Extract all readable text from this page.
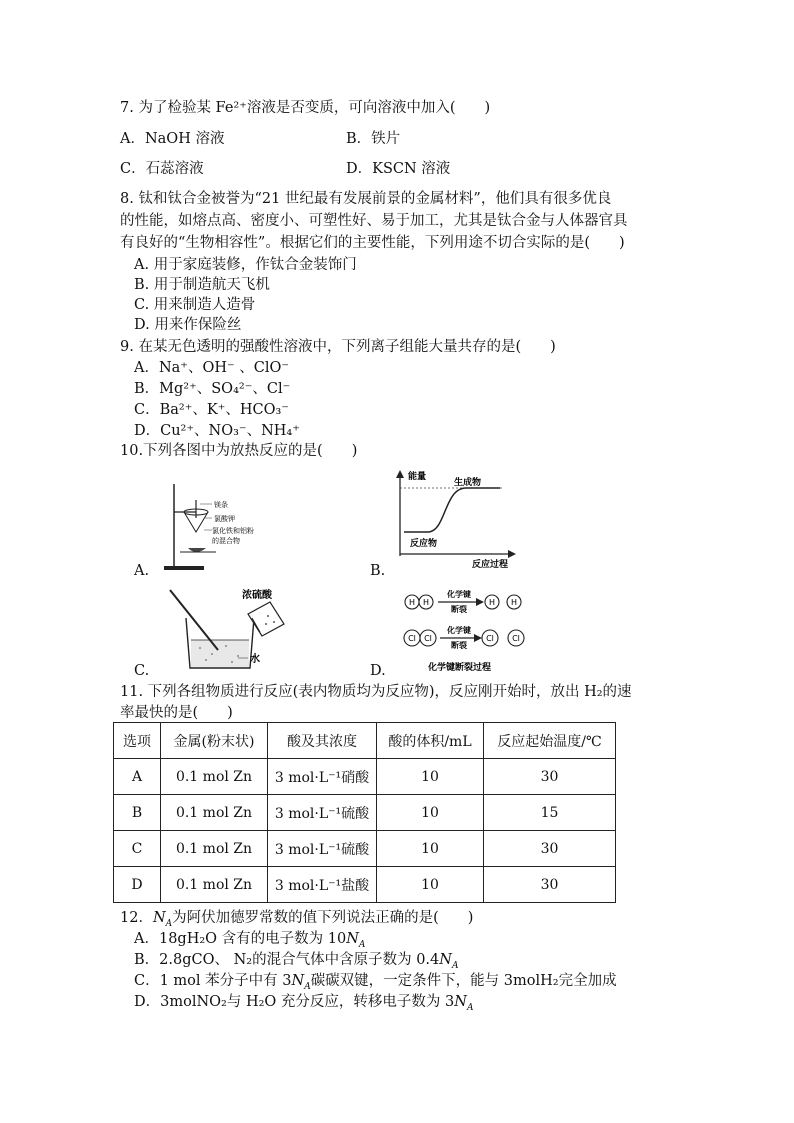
7. 为了检验某 Fe²⁺溶液是否变质，可向溶液中加入(　　)
A．NaOH 溶液	B．铁片
C．石蕊溶液	D．KSCN 溶液
8. 钛和钛合金被誉为“21 世纪最有发展前景的金属材料”，他们具有很多优良
的性能，如熔点高、密度小、可塑性好、易于加工，尤其是钛合金与人体器官具
有良好的“生物相容性”。根据它们的主要性能，下列用途不切合实际的是(　　)
A. 用于家庭装修，作钛合金装饰门
B. 用于制造航天飞机
C. 用来制造人造骨
D. 用来作保险丝
9. 在某无色透明的强酸性溶液中，下列离子组能大量共存的是(　　)
A．Na⁺、OH⁻ 、ClO⁻
B．Mg²⁺、SO₄²⁻、Cl⁻
C．Ba²⁺、K⁺、HCO₃⁻
D．Cu²⁺、NO₃⁻、NH₄⁺
10.下列各图中为放热反应的是(　　)
A.	B.
C.	D.
镁条
氯酸钾
氯化铁和铝粉
的混合物
能量
生成物
反应物
反应过程
浓硫酸
水
H H	H H
Cl Cl	Cl Cl
化学键
断裂
化学键
断裂
化学键断裂过程
11. 下列各组物质进行反应(表内物质均为反应物)，反应刚开始时，放出 H₂的速
率最快的是(　　)
选项	金属(粉末状)	酸及其浓度	酸的体积/mL	反应起始温度/℃
A	0.1 mol Zn	3 mol·L⁻¹硝酸	10	30
B	0.1 mol Zn	3 mol·L⁻¹硫酸	10	15
C	0.1 mol Zn	3 mol·L⁻¹硫酸	10	30
D	0.1 mol Zn	3 mol·L⁻¹盐酸	10	30
12．$N_A$为阿伏加德罗常数的值下列说法正确的是(　　)
A．18gH₂O 含有的电子数为 $10N_A$
B．2.8gCO、 N₂的混合气体中含原子数为 $0.4N_A$
C．1 mol 苯分子中有 $3N_A$碳碳双键，一定条件下，能与 3molH₂完全加成
D．3molNO₂与 H₂O 充分反应，转移电子数为 $3N_A$
